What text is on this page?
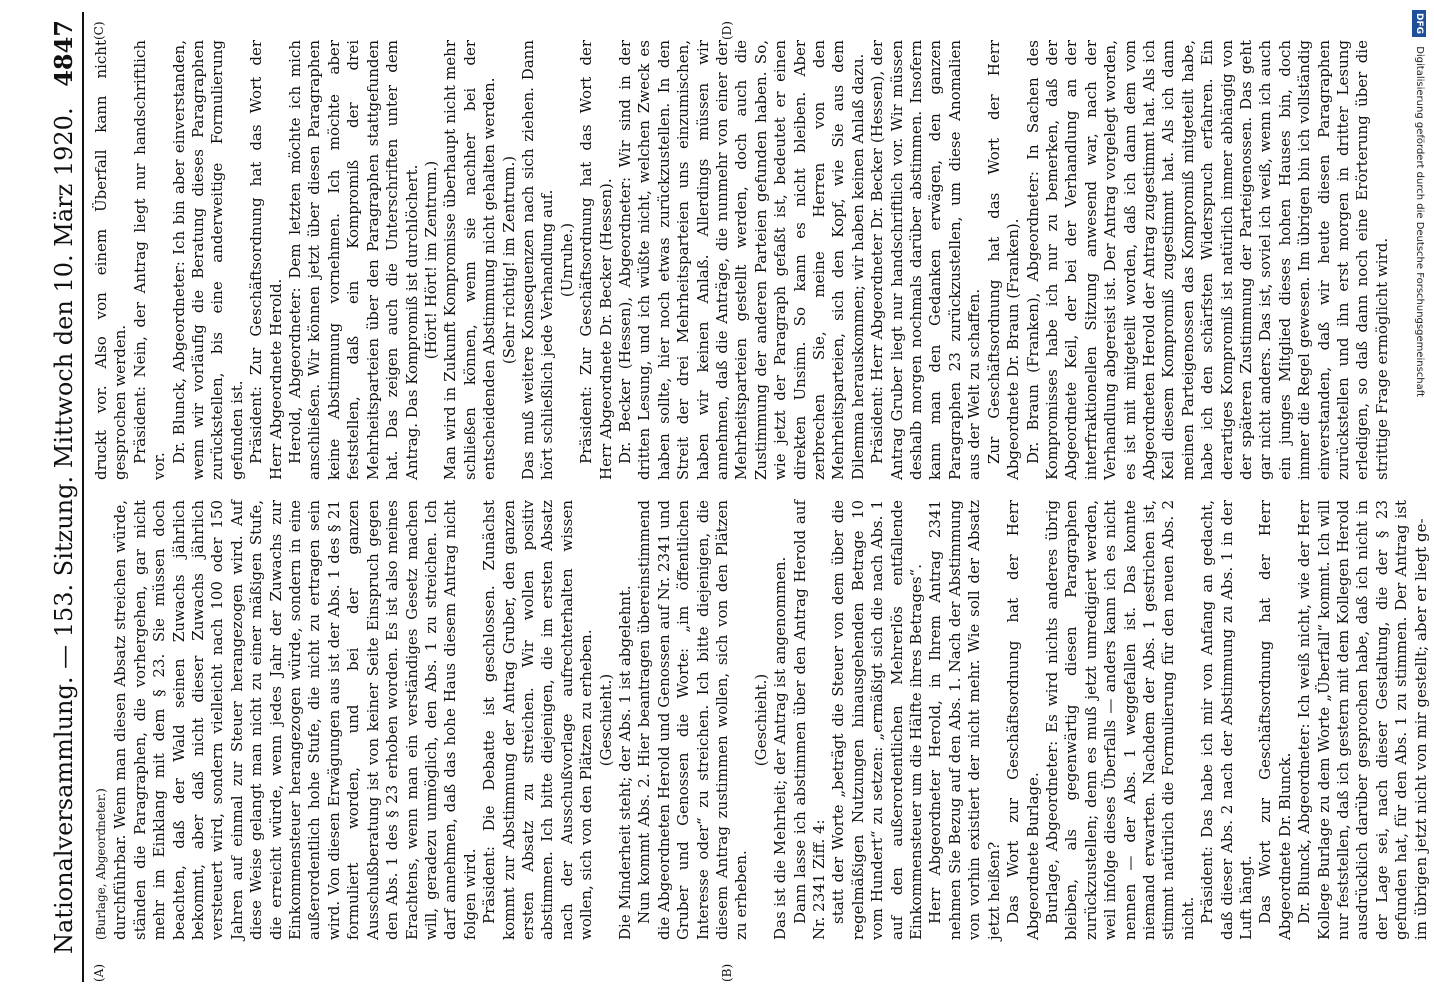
Nationalversammlung. — 153. Sitzung. Mittwoch den 10. März 1920.
4847
(A)	(B)
(C)	(D)

(Burlage, Abgeordneter.) durchführbar. Wenn man diesen Absatz streichen würde, ständen die Paragraphen, die vorhergehen, gar nicht mehr im Einklang mit dem § 23. Sie müssen doch beachten, daß der Wald seinen Zuwachs jährlich bekommt, aber daß nicht dieser Zuwachs jährlich versteuert wird, sondern vielleicht nach 100 oder 150 Jahren auf einmal zur Steuer herangezogen wird. Auf diese Weise gelangt man nicht zu einer mäßigen Stufe, die erreicht würde, wenn jedes Jahr der Zuwachs zur Einkommensteuer herangezogen würde, sondern in eine außerordentlich hohe Stufe, die nicht zu ertragen sein wird. Von diesen Erwägungen aus ist der Abs. 1 des § 21 formuliert worden, und bei der ganzen Ausschußberatung ist von keiner Seite Einspruch gegen den Abs. 1 des § 23 erhoben worden. Es ist also meines Erachtens, wenn man ein verständiges Gesetz machen will, geradezu unmöglich, den Abs. 1 zu streichen. Ich darf annehmen, daß das hohe Haus diesem Antrag nicht folgen wird. Präsident: Die Debatte ist geschlossen. Zunächst kommt zur Abstimmung der Antrag Gruber, den ganzen ersten Absatz zu streichen. Wir wollen positiv abstimmen. Ich bitte diejenigen, die im ersten Absatz nach der Ausschußvorlage aufrechterhalten wissen wollen, sich von den Plätzen zu erheben. (Geschieht.) Die Minderheit steht; der Abs. 1 ist abgelehnt. Nun kommt Abs. 2. Hier beantragen übereinstimmend die Abgeordneten Herold und Genossen auf Nr. 2341 und Gruber und Genossen die Worte: „im öffentlichen Interesse oder“ zu streichen. Ich bitte diejenigen, die diesem Antrag zustimmen wollen, sich von den Plätzen zu erheben.

(Geschieht.) Das ist die Mehrheit; der Antrag ist angenommen. Dann lasse ich abstimmen über den Antrag Herold auf Nr. 2341 Ziff. 4: statt der Worte „beträgt die Steuer von dem über die regelmäßigen Nutzungen hinausgehenden Betrage 10 vom Hundert“ zu setzen: „ermäßigt sich die nach Abs. 1 auf den außerordentlichen Mehrerlös entfallende Einkommensteuer um die Hälfte ihres Betrages“. Herr Abgeordneter Herold, in Ihrem Antrag 2341 nehmen Sie Bezug auf den Abs. 1. Nach der Abstimmung von vorhin existiert der nicht mehr. Wie soll der Absatz jetzt heißen? Das Wort zur Geschäftsordnung hat der Herr Abgeordnete Burlage. Burlage, Abgeordneter: Es wird nichts anderes übrig bleiben, als gegenwärtig diesen Paragraphen zurückzustellen; denn es muß jetzt umredigiert werden, weil infolge dieses Überfalls — anders kann ich es nicht nennen — der Abs. 1 weggefallen ist. Das konnte niemand erwarten. Nachdem der Abs. 1 gestrichen ist, stimmt natürlich die Formulierung für den neuen Abs. 2 nicht. Präsident: Das habe ich mir von Anfang an gedacht, daß dieser Abs. 2 nach der Abstimmung zu Abs. 1 in der Luft hängt. Das Wort zur Geschäftsordnung hat der Herr Abgeordnete Dr. Blunck. Dr. Blunck, Abgeordneter: Ich weiß nicht, wie der Herr Kollege Burlage zu dem Worte „Überfall“ kommt. Ich will nur feststellen, daß ich gestern mit dem Kollegen Herold ausdrücklich darüber gesprochen habe, daß ich nicht in der Lage sei, nach dieser Gestaltung, die der § 23 gefunden hat, für den Abs. 1 zu stimmen. Der Antrag ist im übrigen jetzt nicht von mir gestellt; aber er liegt ge-

druckt vor. Also von einem Überfall kann nicht gesprochen werden. Präsident: Nein, der Antrag liegt nur handschriftlich vor.

Dr. Blunck, Abgeordneter: Ich bin aber einverstanden, wenn wir vorläufig die Beratung dieses Paragraphen zurückstellen, bis eine anderweitige Formulierung gefunden ist. Präsident: Zur Geschäftsordnung hat das Wort der Herr Abgeordnete Herold. Herold, Abgeordneter: Dem letzten möchte ich mich anschließen. Wir können jetzt über diesen Paragraphen keine Abstimmung vornehmen. Ich möchte aber feststellen, daß ein Kompromiß der drei Mehrheitsparteien über den Paragraphen stattgefunden hat. Das zeigen auch die Unterschriften unter dem Antrag. Das Kompromiß ist durchlöchert. (Hört! Hört! im Zentrum.) Man wird in Zukunft Kompromisse überhaupt nicht mehr schließen können, wenn sie nachher bei der entscheidenden Abstimmung nicht gehalten werden. (Sehr richtig! im Zentrum.) Das muß weitere Konsequenzen nach sich ziehen. Dann hört schließlich jede Verhandlung auf. (Unruhe.) Präsident: Zur Geschäftsordnung hat das Wort der Herr Abgeordnete Dr. Becker (Hessen). Dr. Becker (Hessen), Abgeordneter: Wir sind in der dritten Lesung, und ich wüßte nicht, welchen Zweck es haben sollte, hier noch etwas zurückzustellen. In den Streit der drei Mehrheitsparteien uns einzumischen, haben wir keinen Anlaß. Allerdings müssen wir annehmen, daß die Anträge, die nunmehr von einer der Mehrheitsparteien gestellt werden, doch auch die Zustimmung der anderen Parteien gefunden haben. So, wie jetzt der Paragraph gefaßt ist, bedeutet er einen direkten Unsinn. So kann es nicht bleiben. Aber zerbrechen Sie, meine Herren von den Mehrheitsparteien, sich den Kopf, wie Sie aus dem Dilemma herauskommen; wir haben keinen Anlaß dazu. Präsident: Herr Abgeordneter Dr. Becker (Hessen), der Antrag Gruber liegt nur handschriftlich vor. Wir müssen deshalb morgen nochmals darüber abstimmen. Insofern kann man den Gedanken erwägen, den ganzen Paragraphen 23 zurückzustellen, um diese Anomalien aus der Welt zu schaffen. Zur Geschäftsordnung hat das Wort der Herr Abgeordnete Dr. Braun (Franken). Dr. Braun (Franken), Abgeordneter: In Sachen des Kompromisses habe ich nur zu bemerken, daß der Abgeordnete Keil, der bei der Verhandlung an der interfraktionellen Sitzung anwesend war, nach der Verhandlung abgereist ist. Der Antrag vorgelegt worden, es ist mit mitgeteilt worden, daß ich dann dem vom Abgeordneten Herold der Antrag zugestimmt hat. Als ich Keil diesem Kompromiß zugestimmt hat. Als ich dann meinen Parteigenossen das Kompromiß mitgeteilt habe, habe ich den schärfsten Widerspruch erfahren. Ein derartiges Kompromiß ist natürlich immer abhängig von der späteren Zustimmung der Parteigenossen. Das geht gar nicht anders. Das ist, soviel ich weiß, wenn ich auch ein junges Mitglied dieses hohen Hauses bin, doch immer die Regel gewesen. Im übrigen bin ich vollständig einverstanden, daß wir heute diesen Paragraphen zurückstellen und ihn erst morgen in dritter Lesung erledigen, so daß dann noch eine Erörterung über die strittige Frage ermöglicht wird.

DFG Digitalisierung gefördert durch die Deutsche Forschungsgemeinschaft
